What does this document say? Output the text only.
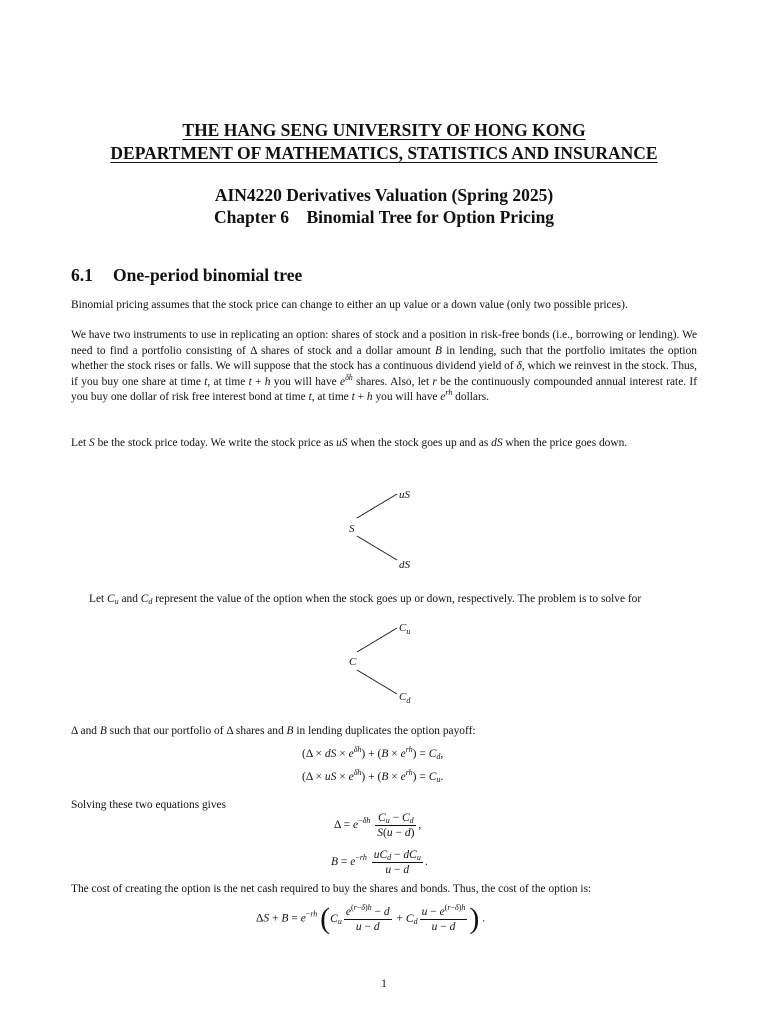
THE HANG SENG UNIVERSITY OF HONG KONG
DEPARTMENT OF MATHEMATICS, STATISTICS AND INSURANCE
AIN4220 Derivatives Valuation (Spring 2025)
Chapter 6    Binomial Tree for Option Pricing
6.1 One-period binomial tree
Binomial pricing assumes that the stock price can change to either an up value or a down value (only two possible prices).
We have two instruments to use in replicating an option: shares of stock and a position in risk-free bonds (i.e., borrowing or lending). We need to find a portfolio consisting of Δ shares of stock and a dollar amount B in lending, such that the portfolio imitates the option whether the stock rises or falls. We will suppose that the stock has a continuous dividend yield of δ, which we reinvest in the stock. Thus, if you buy one share at time t, at time t + h you will have $e^{\delta h}$ shares. Also, let r be the continuously compounded annual interest rate. If you buy one dollar of risk free interest bond at time t, at time t + h you will have $e^{rh}$ dollars.
Let S be the stock price today. We write the stock price as uS when the stock goes up and as dS when the price goes down.
uS
S
dS
Let $C_u$ and $C_d$ represent the value of the option when the stock goes up or down, respectively. The problem is to solve for
$C_u$
C
$C_d$
Δ and B such that our portfolio of Δ shares and B in lending duplicates the option payoff:
(Δ × dS × $e^{\delta h}) + (B \times e^{rh}) = C_d$,
(Δ × uS × $e^{\delta h}) + (B \times e^{rh}) = C_u$.
Solving these two equations gives
$\Delta = e^{-\delta h} \frac{C_u - C_d}{S(u - d)}$ ,
$B = e^{-rh} \frac{uC_d - dC_u}{u - d}$ .
The cost of creating the option is the net cash required to buy the shares and bonds. Thus, the cost of the option is:
$\Delta S + B = e^{-rh}$ ($C_u \frac{e^{(r-\delta)h} - d}{u - d} + C_d \frac{u - e^{(r-\delta)h}}{u - d}$ ) .
1
